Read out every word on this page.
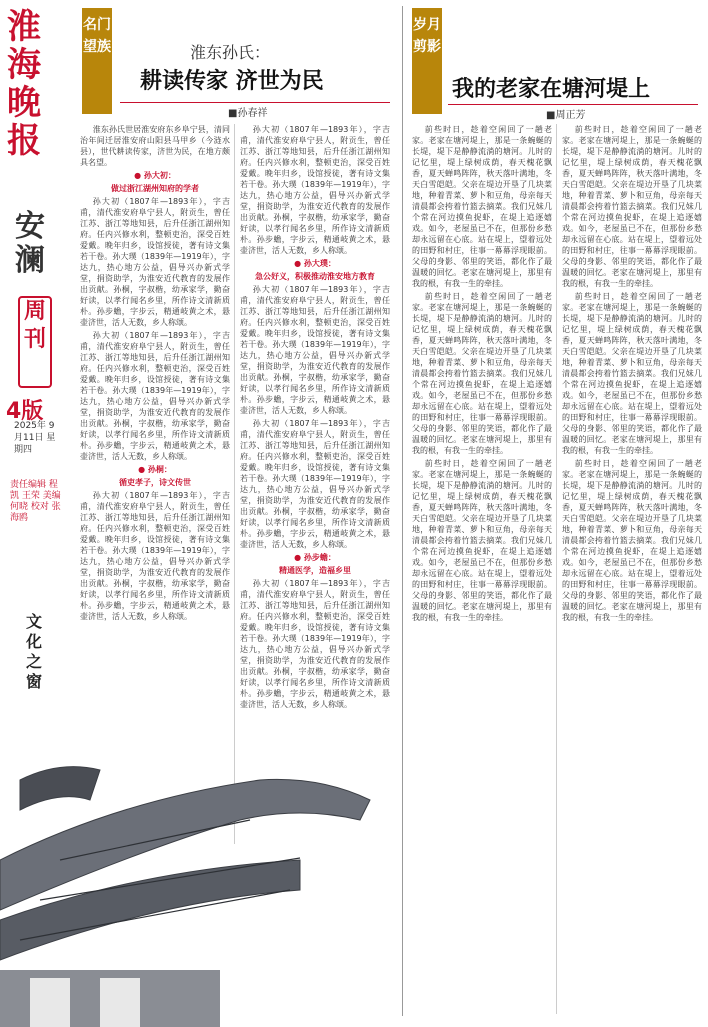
淮海晚报
安澜
周刊
4版
2025年 9月11日 星期四
责任编辑 程凯 王荣 美编 何晓 校对 张海鸥
文化之窗
名门望族	淮东孙氏：
耕读传家 济世为民
■孙春祥

淮东孙氏世居淮安府东乡阜宁县，清同治年间迁居淮安府山阳县马甲乡（今涟水县），世代耕读传家，济世为民，在地方颇具名望。

● 孙大初：

做过浙江湖州知府的学者

孙大初（1807年—1893年），字吉甫，清代淮安府阜宁县人，附贡生，曾任江苏、浙江等地知县，后升任浙江湖州知府。任内兴修水利，整顿吏治，深受百姓爱戴。晚年归乡，设馆授徒，著有诗文集若干卷。孙大璞（1839年—1919年），字达九，热心地方公益，倡导兴办新式学堂，捐资助学，为淮安近代教育的发展作出贡献。孙桐，字叔楷，幼承家学，勤奋好读，以孝行闻名乡里，所作诗文清新质朴。孙步蟾，字步云，精通岐黄之术，悬壶济世，活人无数，乡人称颂。

孙大初（1807年—1893年），字吉甫，清代淮安府阜宁县人，附贡生，曾任江苏、浙江等地知县，后升任浙江湖州知府。任内兴修水利，整顿吏治，深受百姓爱戴。晚年归乡，设馆授徒，著有诗文集若干卷。孙大璞（1839年—1919年），字达九，热心地方公益，倡导兴办新式学堂，捐资助学，为淮安近代教育的发展作出贡献。孙桐，字叔楷，幼承家学，勤奋好读，以孝行闻名乡里，所作诗文清新质朴。孙步蟾，字步云，精通岐黄之术，悬壶济世，活人无数，乡人称颂。

● 孙桐：

循吏孝子，诗文传世

孙大初（1807年—1893年），字吉甫，清代淮安府阜宁县人，附贡生，曾任江苏、浙江等地知县，后升任浙江湖州知府。任内兴修水利，整顿吏治，深受百姓爱戴。晚年归乡，设馆授徒，著有诗文集若干卷。孙大璞（1839年—1919年），字达九，热心地方公益，倡导兴办新式学堂，捐资助学，为淮安近代教育的发展作出贡献。孙桐，字叔楷，幼承家学，勤奋好读，以孝行闻名乡里，所作诗文清新质朴。孙步蟾，字步云，精通岐黄之术，悬壶济世，活人无数，乡人称颂。

孙大初（1807年—1893年），字吉甫，清代淮安府阜宁县人，附贡生，曾任江苏、浙江等地知县，后升任浙江湖州知府。任内兴修水利，整顿吏治，深受百姓爱戴。晚年归乡，设馆授徒，著有诗文集若干卷。孙大璞（1839年—1919年），字达九，热心地方公益，倡导兴办新式学堂，捐资助学，为淮安近代教育的发展作出贡献。孙桐，字叔楷，幼承家学，勤奋好读，以孝行闻名乡里，所作诗文清新质朴。孙步蟾，字步云，精通岐黄之术，悬壶济世，活人无数，乡人称颂。

● 孙大璞：

急公好义，积极推动淮安地方教育

孙大初（1807年—1893年），字吉甫，清代淮安府阜宁县人，附贡生，曾任江苏、浙江等地知县，后升任浙江湖州知府。任内兴修水利，整顿吏治，深受百姓爱戴。晚年归乡，设馆授徒，著有诗文集若干卷。孙大璞（1839年—1919年），字达九，热心地方公益，倡导兴办新式学堂，捐资助学，为淮安近代教育的发展作出贡献。孙桐，字叔楷，幼承家学，勤奋好读，以孝行闻名乡里，所作诗文清新质朴。孙步蟾，字步云，精通岐黄之术，悬壶济世，活人无数，乡人称颂。

孙大初（1807年—1893年），字吉甫，清代淮安府阜宁县人，附贡生，曾任江苏、浙江等地知县，后升任浙江湖州知府。任内兴修水利，整顿吏治，深受百姓爱戴。晚年归乡，设馆授徒，著有诗文集若干卷。孙大璞（1839年—1919年），字达九，热心地方公益，倡导兴办新式学堂，捐资助学，为淮安近代教育的发展作出贡献。孙桐，字叔楷，幼承家学，勤奋好读，以孝行闻名乡里，所作诗文清新质朴。孙步蟾，字步云，精通岐黄之术，悬壶济世，活人无数，乡人称颂。

● 孙步蟾：

精通医学，造福乡里

孙大初（1807年—1893年），字吉甫，清代淮安府阜宁县人，附贡生，曾任江苏、浙江等地知县，后升任浙江湖州知府。任内兴修水利，整顿吏治，深受百姓爱戴。晚年归乡，设馆授徒，著有诗文集若干卷。孙大璞（1839年—1919年），字达九，热心地方公益，倡导兴办新式学堂，捐资助学，为淮安近代教育的发展作出贡献。孙桐，字叔楷，幼承家学，勤奋好读，以孝行闻名乡里，所作诗文清新质朴。孙步蟾，字步云，精通岐黄之术，悬壶济世，活人无数，乡人称颂。

岁月剪影
我的老家在塘河堤上
■周正芳

前些时日，趁着空闲回了一趟老家。老家在塘河堤上，那是一条蜿蜒的长堤，堤下是静静流淌的塘河。儿时的记忆里，堤上绿树成荫，春天槐花飘香，夏天蝉鸣阵阵，秋天落叶满地，冬天白雪皑皑。父亲在堤边开垦了几块菜地，种着青菜、萝卜和豆角，母亲每天清晨都会挎着竹篮去摘菜。我们兄妹几个常在河边摸鱼捉虾，在堤上追逐嬉戏。如今，老屋虽已不在，但那份乡愁却永远留在心底。站在堤上，望着远处的田野和村庄，往事一幕幕浮现眼前。父母的身影、邻里的笑语，都化作了最温暖的回忆。老家在塘河堤上，那里有我的根，有我一生的牵挂。

前些时日，趁着空闲回了一趟老家。老家在塘河堤上，那是一条蜿蜒的长堤，堤下是静静流淌的塘河。儿时的记忆里，堤上绿树成荫，春天槐花飘香，夏天蝉鸣阵阵，秋天落叶满地，冬天白雪皑皑。父亲在堤边开垦了几块菜地，种着青菜、萝卜和豆角，母亲每天清晨都会挎着竹篮去摘菜。我们兄妹几个常在河边摸鱼捉虾，在堤上追逐嬉戏。如今，老屋虽已不在，但那份乡愁却永远留在心底。站在堤上，望着远处的田野和村庄，往事一幕幕浮现眼前。父母的身影、邻里的笑语，都化作了最温暖的回忆。老家在塘河堤上，那里有我的根，有我一生的牵挂。

前些时日，趁着空闲回了一趟老家。老家在塘河堤上，那是一条蜿蜒的长堤，堤下是静静流淌的塘河。儿时的记忆里，堤上绿树成荫，春天槐花飘香，夏天蝉鸣阵阵，秋天落叶满地，冬天白雪皑皑。父亲在堤边开垦了几块菜地，种着青菜、萝卜和豆角，母亲每天清晨都会挎着竹篮去摘菜。我们兄妹几个常在河边摸鱼捉虾，在堤上追逐嬉戏。如今，老屋虽已不在，但那份乡愁却永远留在心底。站在堤上，望着远处的田野和村庄，往事一幕幕浮现眼前。父母的身影、邻里的笑语，都化作了最温暖的回忆。老家在塘河堤上，那里有我的根，有我一生的牵挂。

前些时日，趁着空闲回了一趟老家。老家在塘河堤上，那是一条蜿蜒的长堤，堤下是静静流淌的塘河。儿时的记忆里，堤上绿树成荫，春天槐花飘香，夏天蝉鸣阵阵，秋天落叶满地，冬天白雪皑皑。父亲在堤边开垦了几块菜地，种着青菜、萝卜和豆角，母亲每天清晨都会挎着竹篮去摘菜。我们兄妹几个常在河边摸鱼捉虾，在堤上追逐嬉戏。如今，老屋虽已不在，但那份乡愁却永远留在心底。站在堤上，望着远处的田野和村庄，往事一幕幕浮现眼前。父母的身影、邻里的笑语，都化作了最温暖的回忆。老家在塘河堤上，那里有我的根，有我一生的牵挂。

前些时日，趁着空闲回了一趟老家。老家在塘河堤上，那是一条蜿蜒的长堤，堤下是静静流淌的塘河。儿时的记忆里，堤上绿树成荫，春天槐花飘香，夏天蝉鸣阵阵，秋天落叶满地，冬天白雪皑皑。父亲在堤边开垦了几块菜地，种着青菜、萝卜和豆角，母亲每天清晨都会挎着竹篮去摘菜。我们兄妹几个常在河边摸鱼捉虾，在堤上追逐嬉戏。如今，老屋虽已不在，但那份乡愁却永远留在心底。站在堤上，望着远处的田野和村庄，往事一幕幕浮现眼前。父母的身影、邻里的笑语，都化作了最温暖的回忆。老家在塘河堤上，那里有我的根，有我一生的牵挂。

前些时日，趁着空闲回了一趟老家。老家在塘河堤上，那是一条蜿蜒的长堤，堤下是静静流淌的塘河。儿时的记忆里，堤上绿树成荫，春天槐花飘香，夏天蝉鸣阵阵，秋天落叶满地，冬天白雪皑皑。父亲在堤边开垦了几块菜地，种着青菜、萝卜和豆角，母亲每天清晨都会挎着竹篮去摘菜。我们兄妹几个常在河边摸鱼捉虾，在堤上追逐嬉戏。如今，老屋虽已不在，但那份乡愁却永远留在心底。站在堤上，望着远处的田野和村庄，往事一幕幕浮现眼前。父母的身影、邻里的笑语，都化作了最温暖的回忆。老家在塘河堤上，那里有我的根，有我一生的牵挂。
